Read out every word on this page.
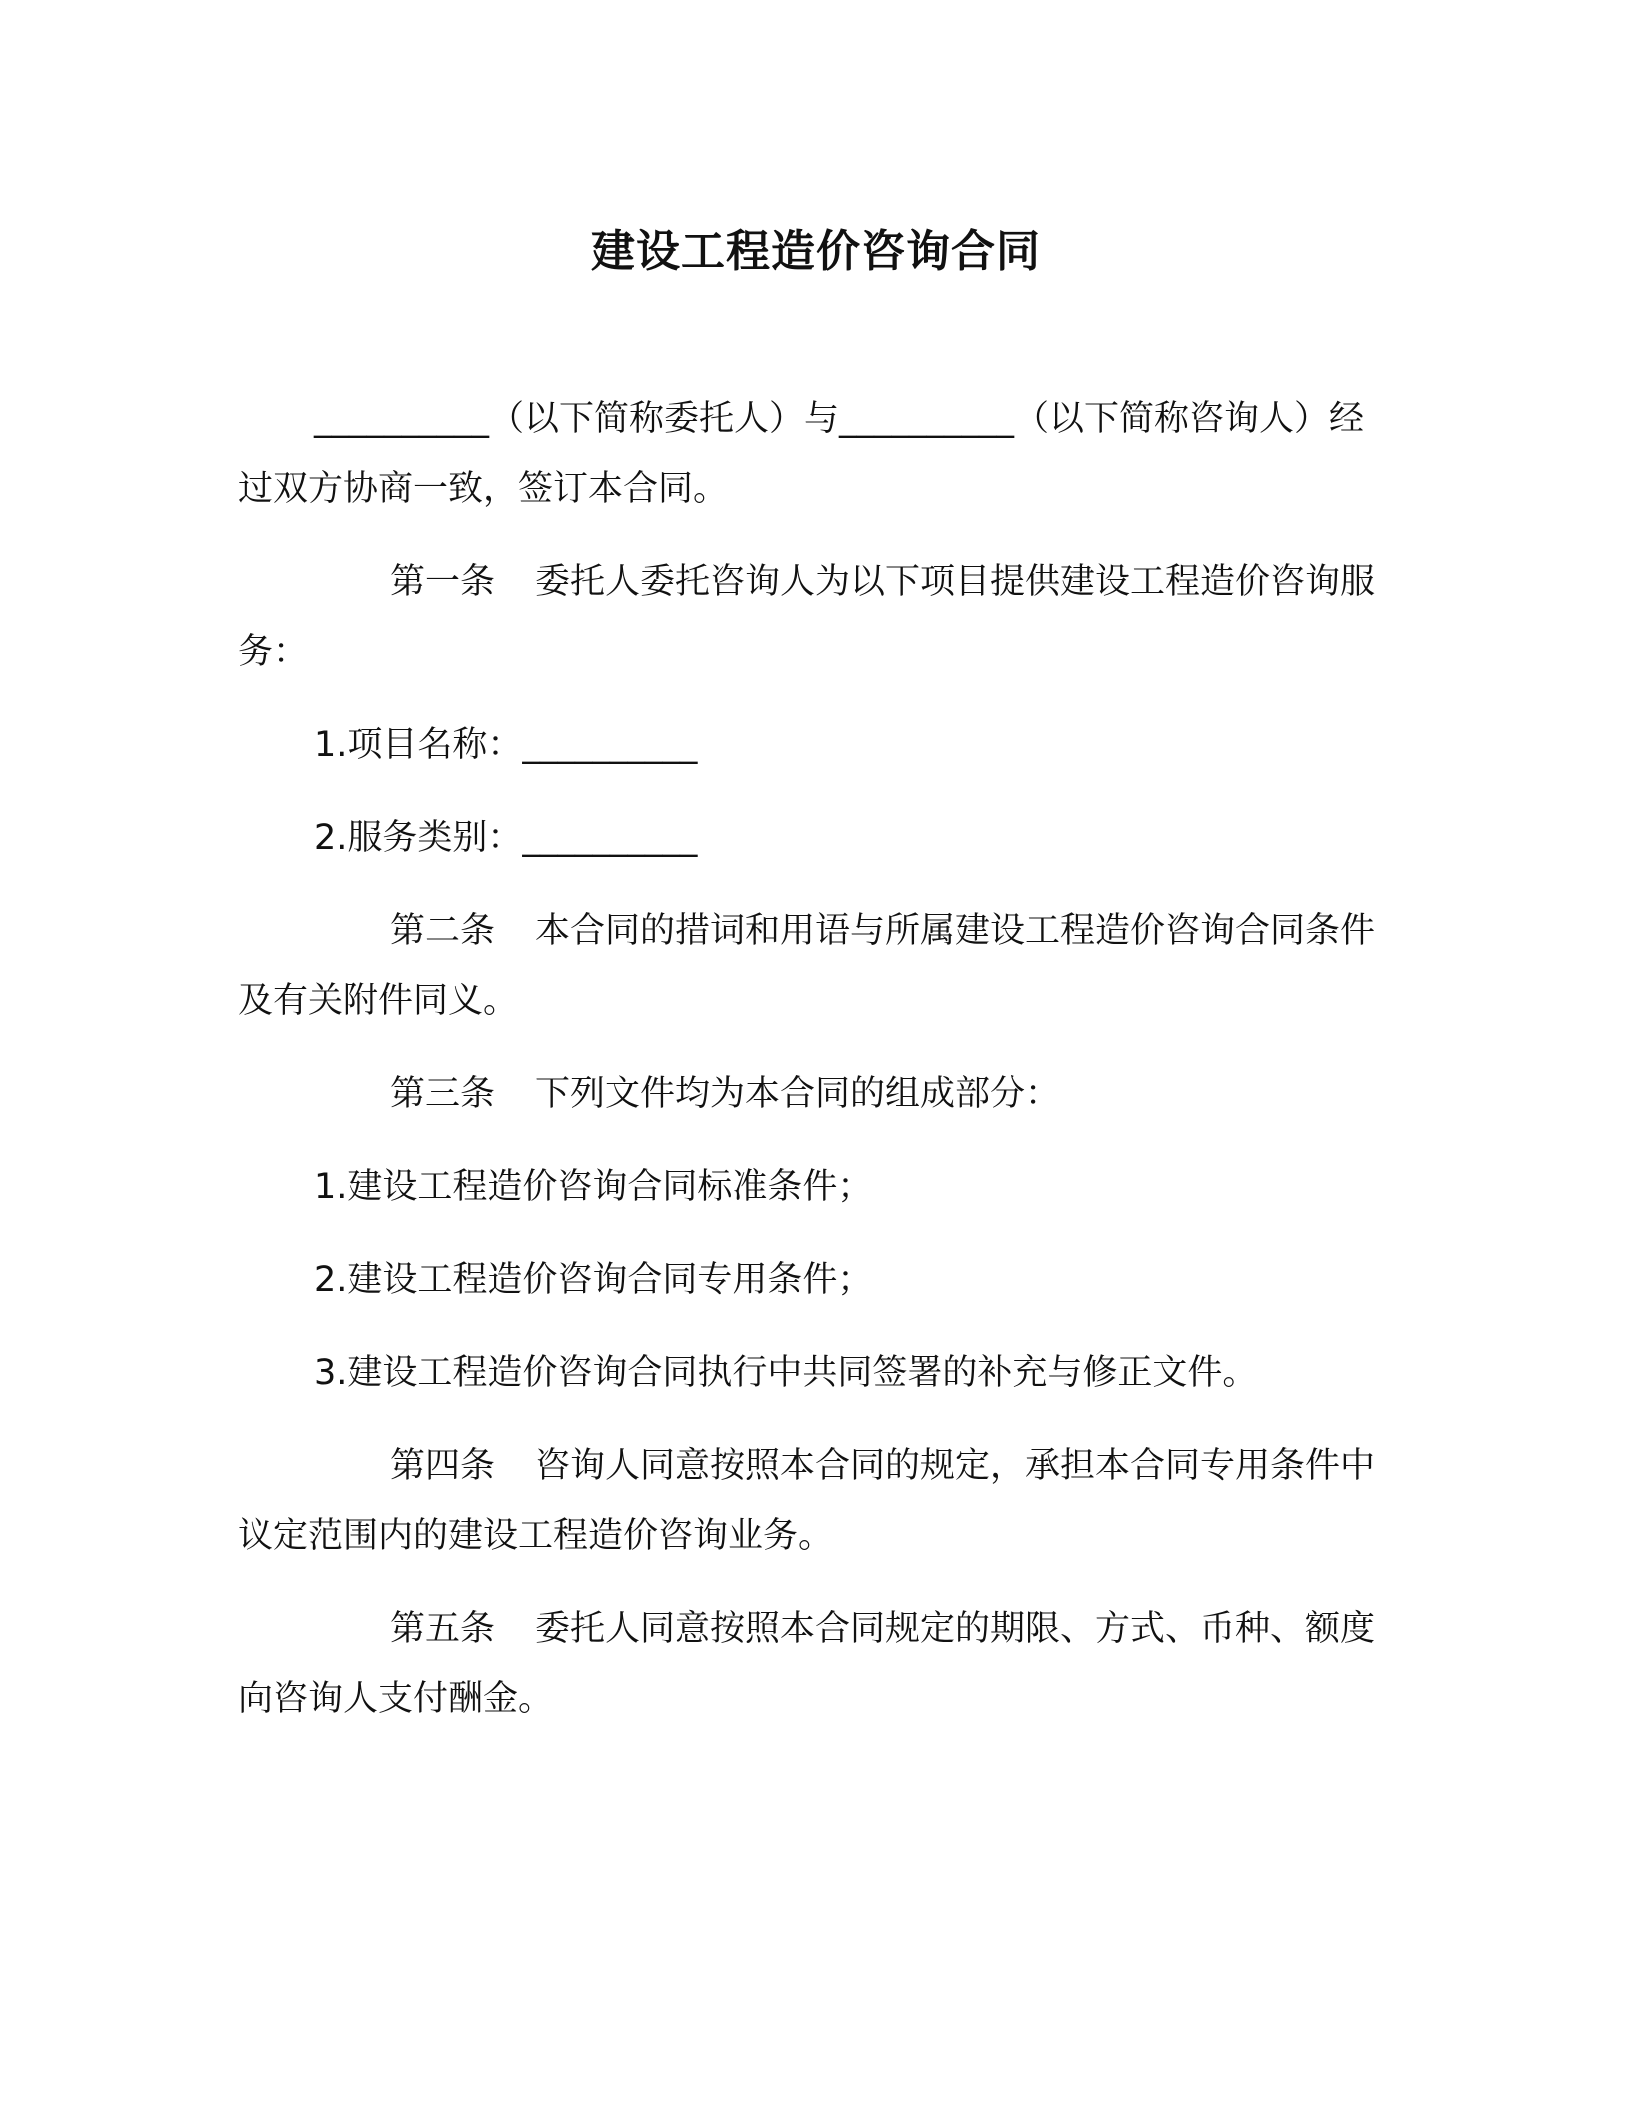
建设工程造价咨询合同

__________（以下简称委托人）与__________（以下简称咨询人）经过双方协商一致，签订本合同。

第一条 委托人委托咨询人为以下项目提供建设工程造价咨询服务：

1.项目名称：__________

2.服务类别：__________

第二条 本合同的措词和用语与所属建设工程造价咨询合同条件及有关附件同义。

第三条 下列文件均为本合同的组成部分：

1.建设工程造价咨询合同标准条件；

2.建设工程造价咨询合同专用条件；

3.建设工程造价咨询合同执行中共同签署的补充与修正文件。

第四条 咨询人同意按照本合同的规定，承担本合同专用条件中议定范围内的建设工程造价咨询业务。

第五条 委托人同意按照本合同规定的期限、方式、币种、额度向咨询人支付酬金。
